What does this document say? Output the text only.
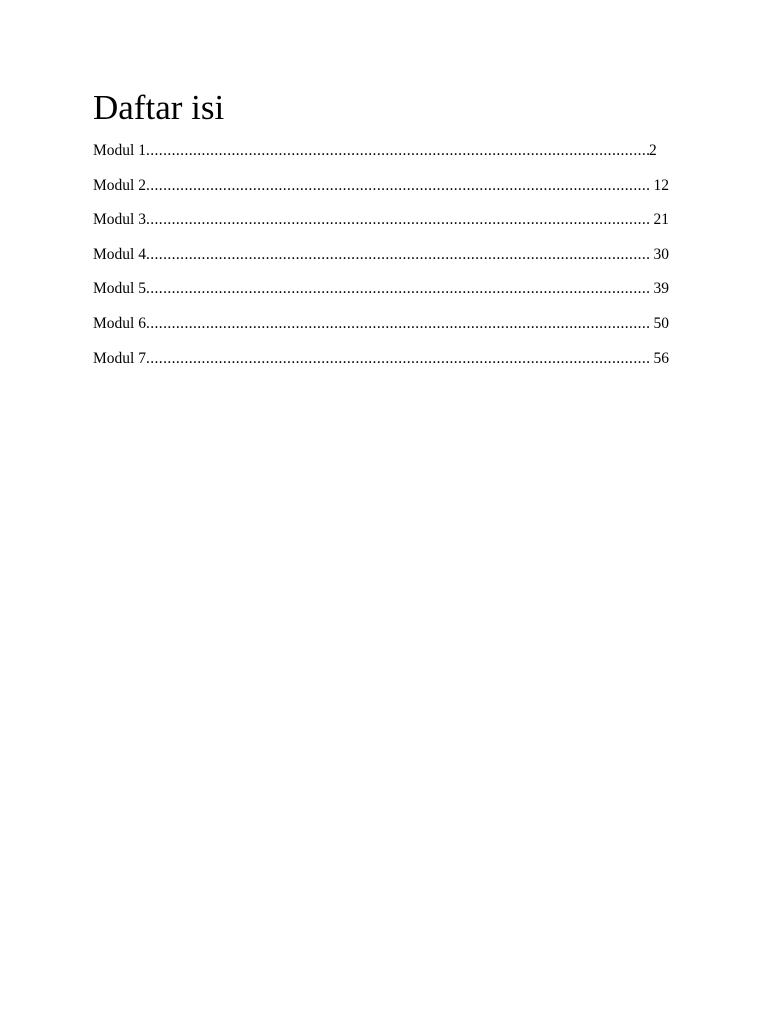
Daftar isi
Modul 1 .....	2
Modul 2 .....	12
Modul 3 .....	21
Modul 4 .....	30
Modul 5 .....	39
Modul 6 .....	50
Modul 7 .....	56
